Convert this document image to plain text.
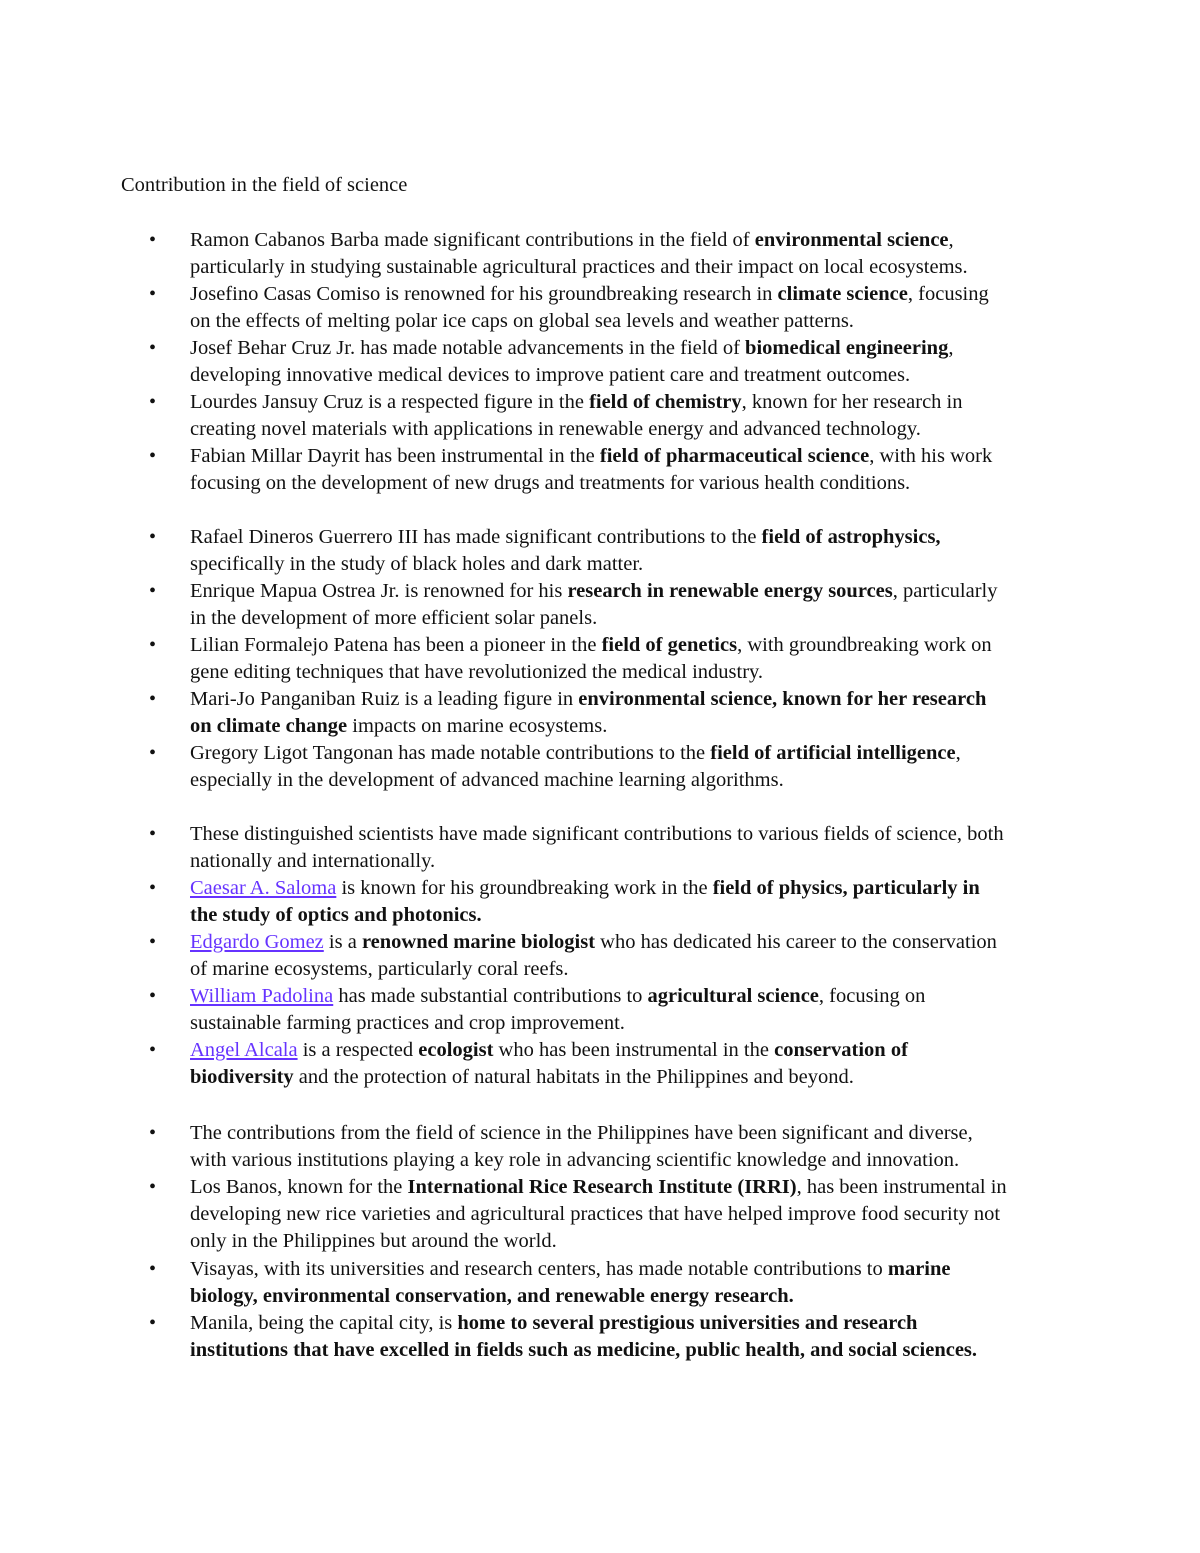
Contribution in the field of science
• Ramon Cabanos Barba made significant contributions in the field of environmental science,
particularly in studying sustainable agricultural practices and their impact on local ecosystems.
• Josefino Casas Comiso is renowned for his groundbreaking research in climate science, focusing
on the effects of melting polar ice caps on global sea levels and weather patterns.
• Josef Behar Cruz Jr. has made notable advancements in the field of biomedical engineering,
developing innovative medical devices to improve patient care and treatment outcomes.
• Lourdes Jansuy Cruz is a respected figure in the field of chemistry, known for her research in
creating novel materials with applications in renewable energy and advanced technology.
• Fabian Millar Dayrit has been instrumental in the field of pharmaceutical science, with his work
focusing on the development of new drugs and treatments for various health conditions.
• Rafael Dineros Guerrero III has made significant contributions to the field of astrophysics,
specifically in the study of black holes and dark matter.
• Enrique Mapua Ostrea Jr. is renowned for his research in renewable energy sources, particularly
in the development of more efficient solar panels.
• Lilian Formalejo Patena has been a pioneer in the field of genetics, with groundbreaking work on
gene editing techniques that have revolutionized the medical industry.
• Mari-Jo Panganiban Ruiz is a leading figure in environmental science, known for her research
on climate change impacts on marine ecosystems.
• Gregory Ligot Tangonan has made notable contributions to the field of artificial intelligence,
especially in the development of advanced machine learning algorithms.
• These distinguished scientists have made significant contributions to various fields of science, both
nationally and internationally.
• Caesar A. Saloma is known for his groundbreaking work in the field of physics, particularly in
the study of optics and photonics.
• Edgardo Gomez is a renowned marine biologist who has dedicated his career to the conservation
of marine ecosystems, particularly coral reefs.
• William Padolina has made substantial contributions to agricultural science, focusing on
sustainable farming practices and crop improvement.
• Angel Alcala is a respected ecologist who has been instrumental in the conservation of
biodiversity and the protection of natural habitats in the Philippines and beyond.
• The contributions from the field of science in the Philippines have been significant and diverse,
with various institutions playing a key role in advancing scientific knowledge and innovation.
• Los Banos, known for the International Rice Research Institute (IRRI), has been instrumental in
developing new rice varieties and agricultural practices that have helped improve food security not
only in the Philippines but around the world.
• Visayas, with its universities and research centers, has made notable contributions to marine
biology, environmental conservation, and renewable energy research.
• Manila, being the capital city, is home to several prestigious universities and research
institutions that have excelled in fields such as medicine, public health, and social sciences.
